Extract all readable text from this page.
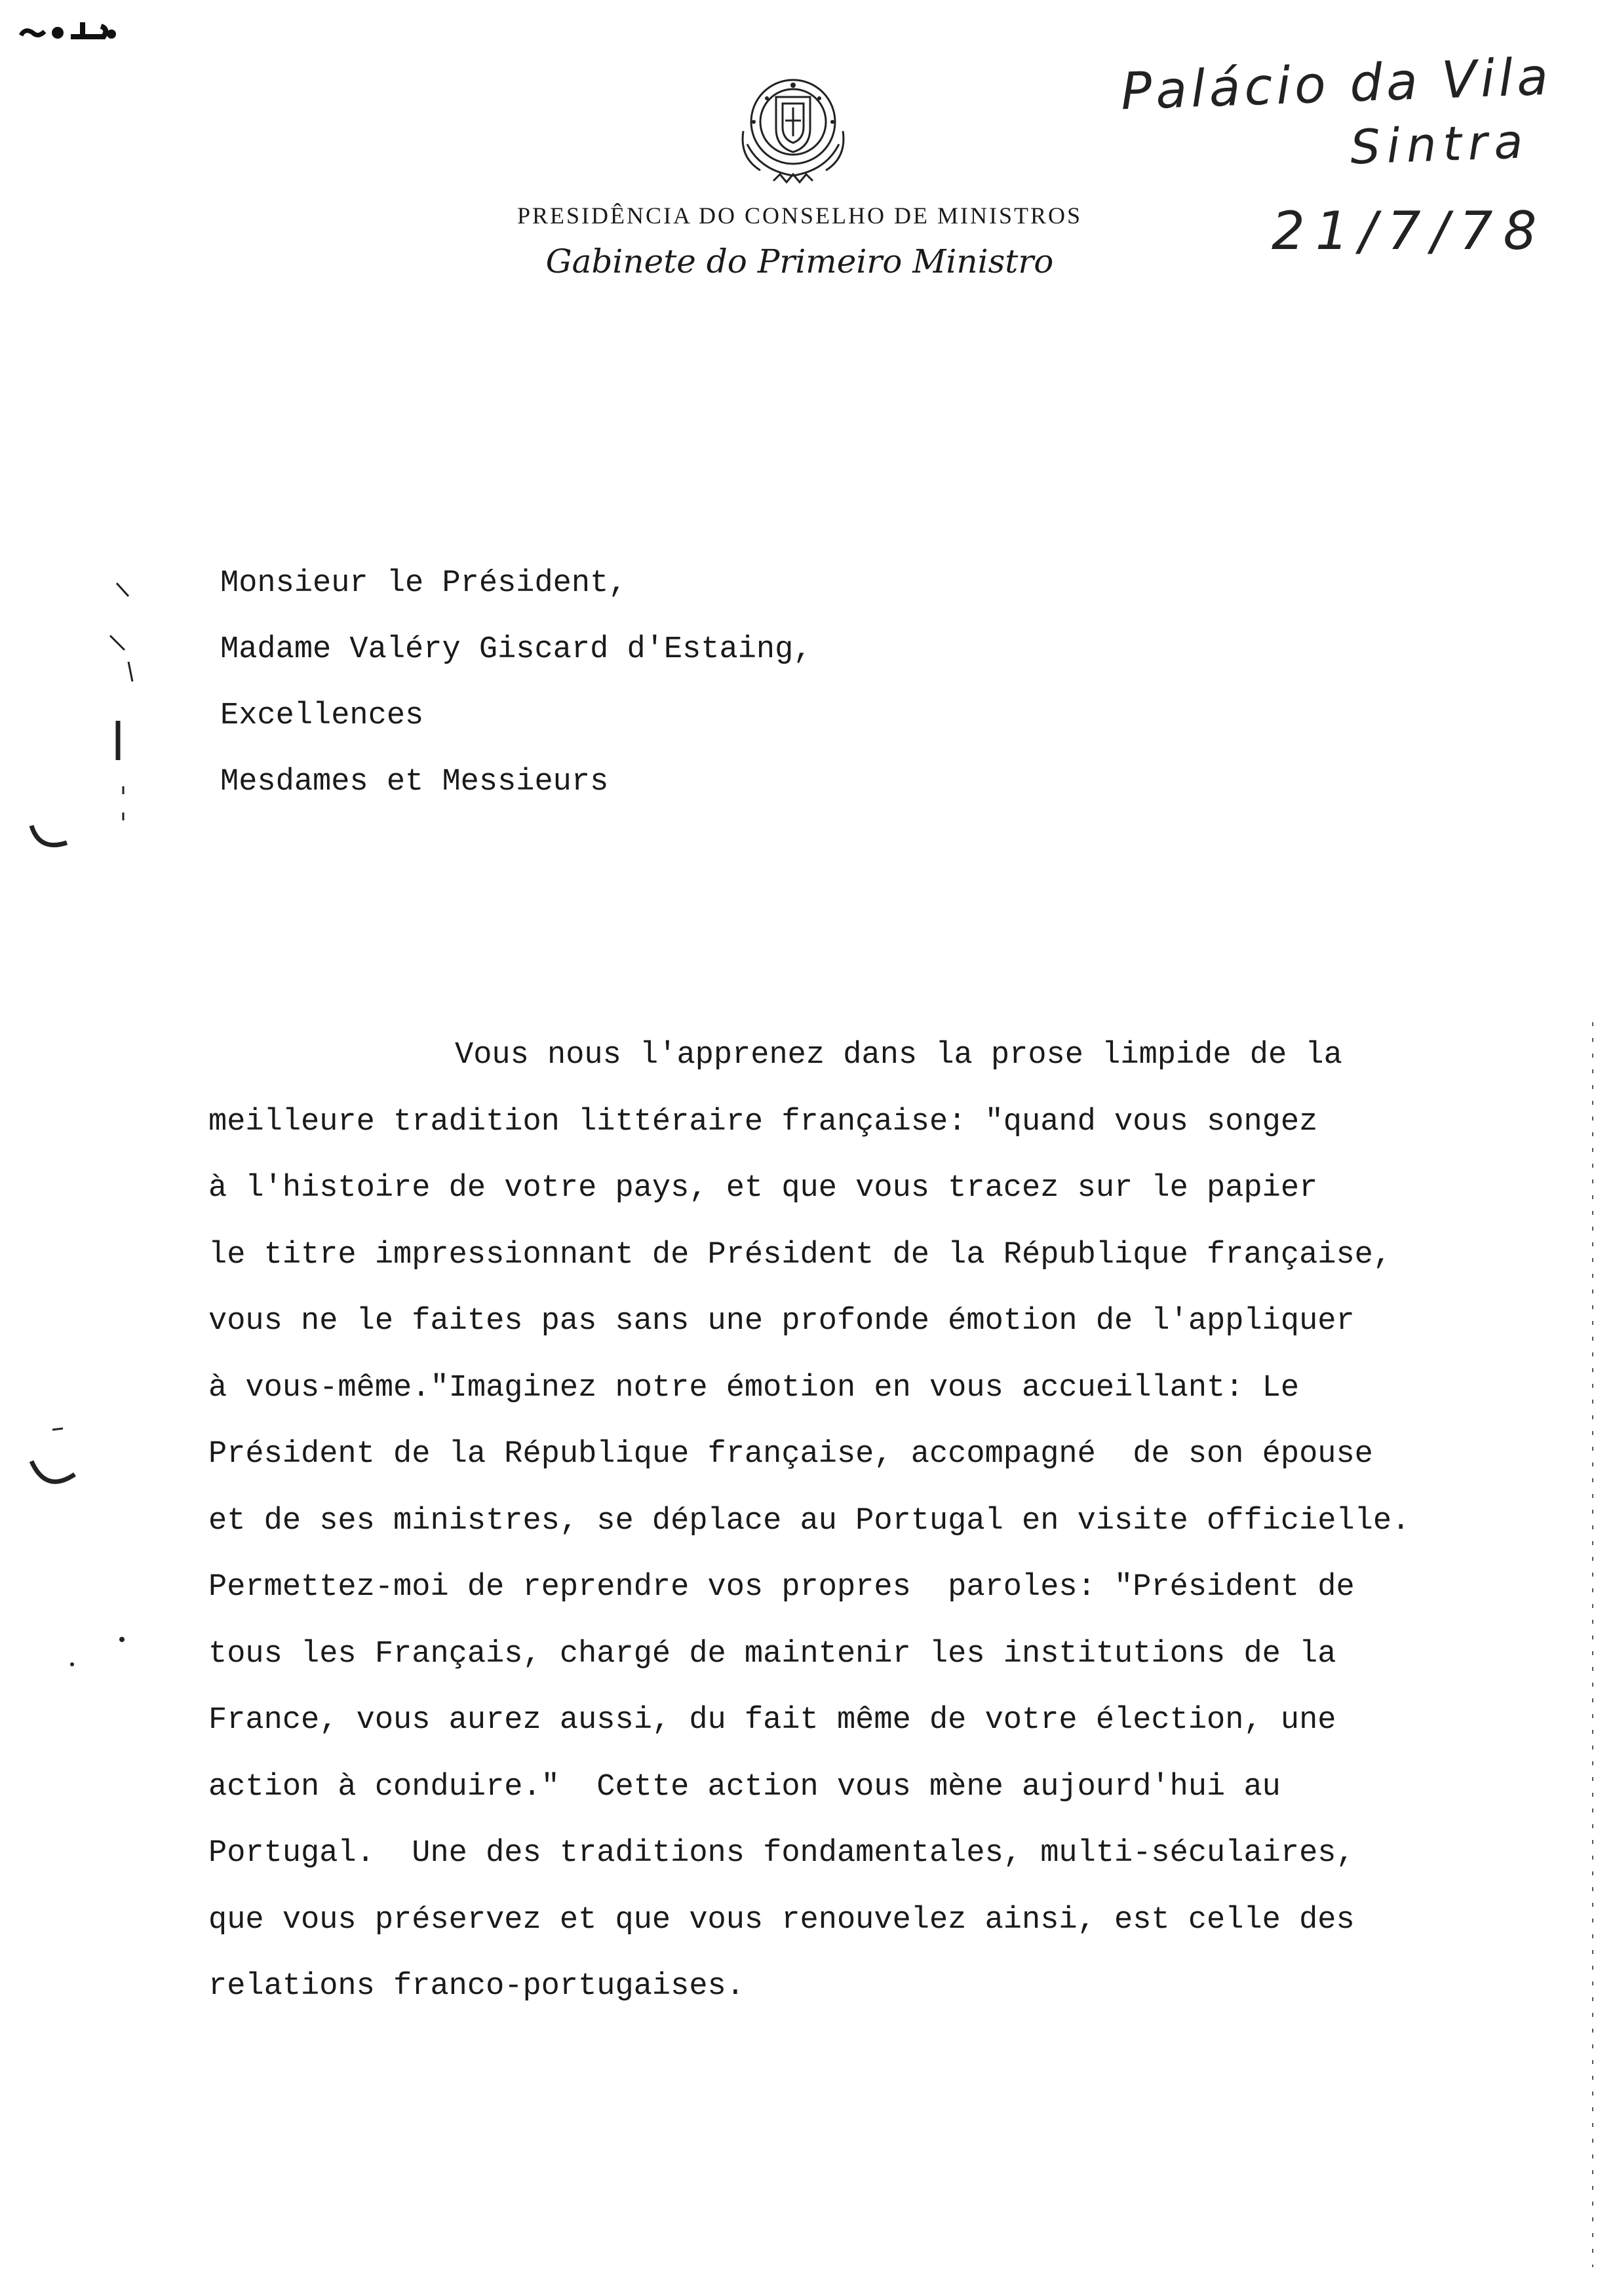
PRESIDÊNCIA DO CONSELHO DE MINISTROS
Gabinete do Primeiro Ministro
Palácio da Vila
Sintra
21/7/78
Monsieur le Président,
Madame Valéry Giscard d'Estaing,
Excellences
Mesdames et Messieurs
Vous nous l'apprenez dans la prose limpide de la
meilleure tradition littéraire française: "quand vous songez
à l'histoire de votre pays, et que vous tracez sur le papier
le titre impressionnant de Président de la République française,
vous ne le faites pas sans une profonde émotion de l'appliquer
à vous-même."Imaginez notre émotion en vous accueillant: Le
Président de la République française, accompagné  de son épouse
et de ses ministres, se déplace au Portugal en visite officielle.
Permettez-moi de reprendre vos propres  paroles: "Président de
tous les Français, chargé de maintenir les institutions de la
France, vous aurez aussi, du fait même de votre élection, une
action à conduire."  Cette action vous mène aujourd'hui au
Portugal.  Une des traditions fondamentales, multi-séculaires,
que vous préservez et que vous renouvelez ainsi, est celle des
relations franco-portugaises.
